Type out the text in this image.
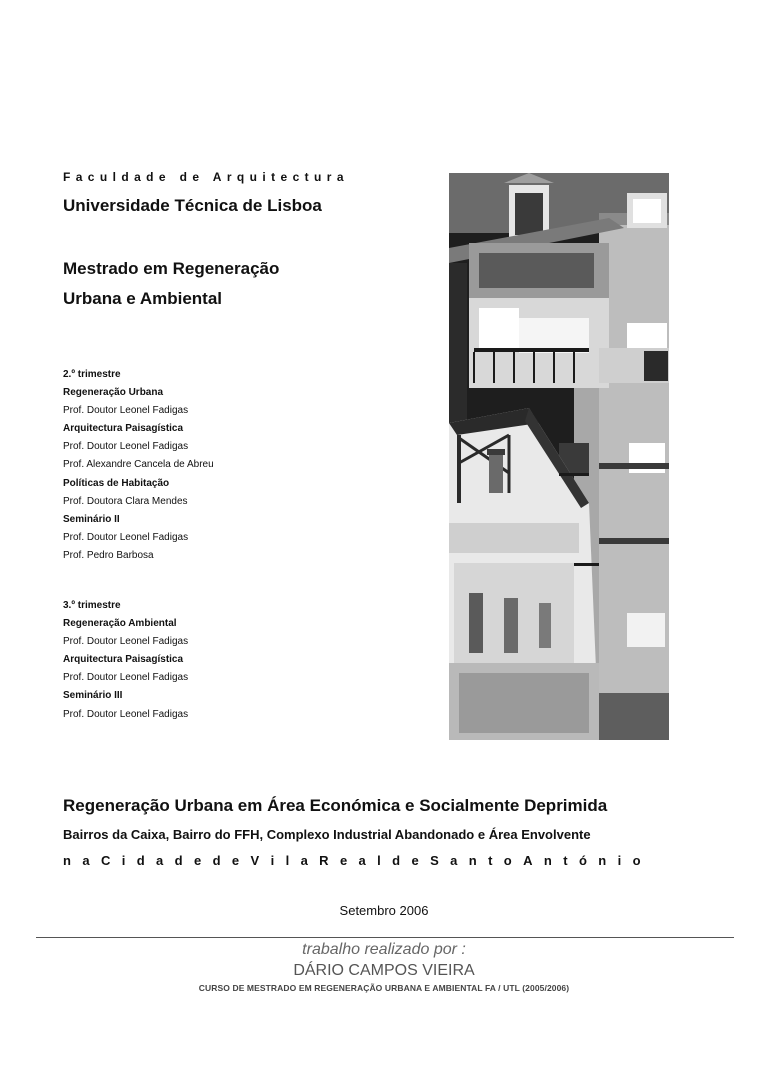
Faculdade de Arquitectura
Universidade Técnica de Lisboa
Mestrado em Regeneração
Urbana e Ambiental
2.º trimestre
Regeneração Urbana
Prof. Doutor Leonel Fadigas
Arquitectura Paisagística
Prof. Doutor Leonel Fadigas
Prof. Alexandre Cancela de Abreu
Políticas de Habitação
Prof. Doutora Clara Mendes
Seminário II
Prof. Doutor Leonel Fadigas
Prof. Pedro Barbosa
3.º trimestre
Regeneração Ambiental
Prof. Doutor Leonel Fadigas
Arquitectura Paisagística
Prof. Doutor Leonel Fadigas
Seminário III
Prof. Doutor Leonel Fadigas
Regeneração Urbana em Área Económica e Socialmente Deprimida
Bairros da Caixa, Bairro do FFH, Complexo Industrial Abandonado e Área Envolvente
n a C i d a d e d e V i l a R e a l d e S a n t o A n t ó n i o
Setembro 2006
trabalho realizado por :
DÁRIO CAMPOS VIEIRA
CURSO DE MESTRADO EM REGENERAÇÃO URBANA E AMBIENTAL FA / UTL (2005/2006)
